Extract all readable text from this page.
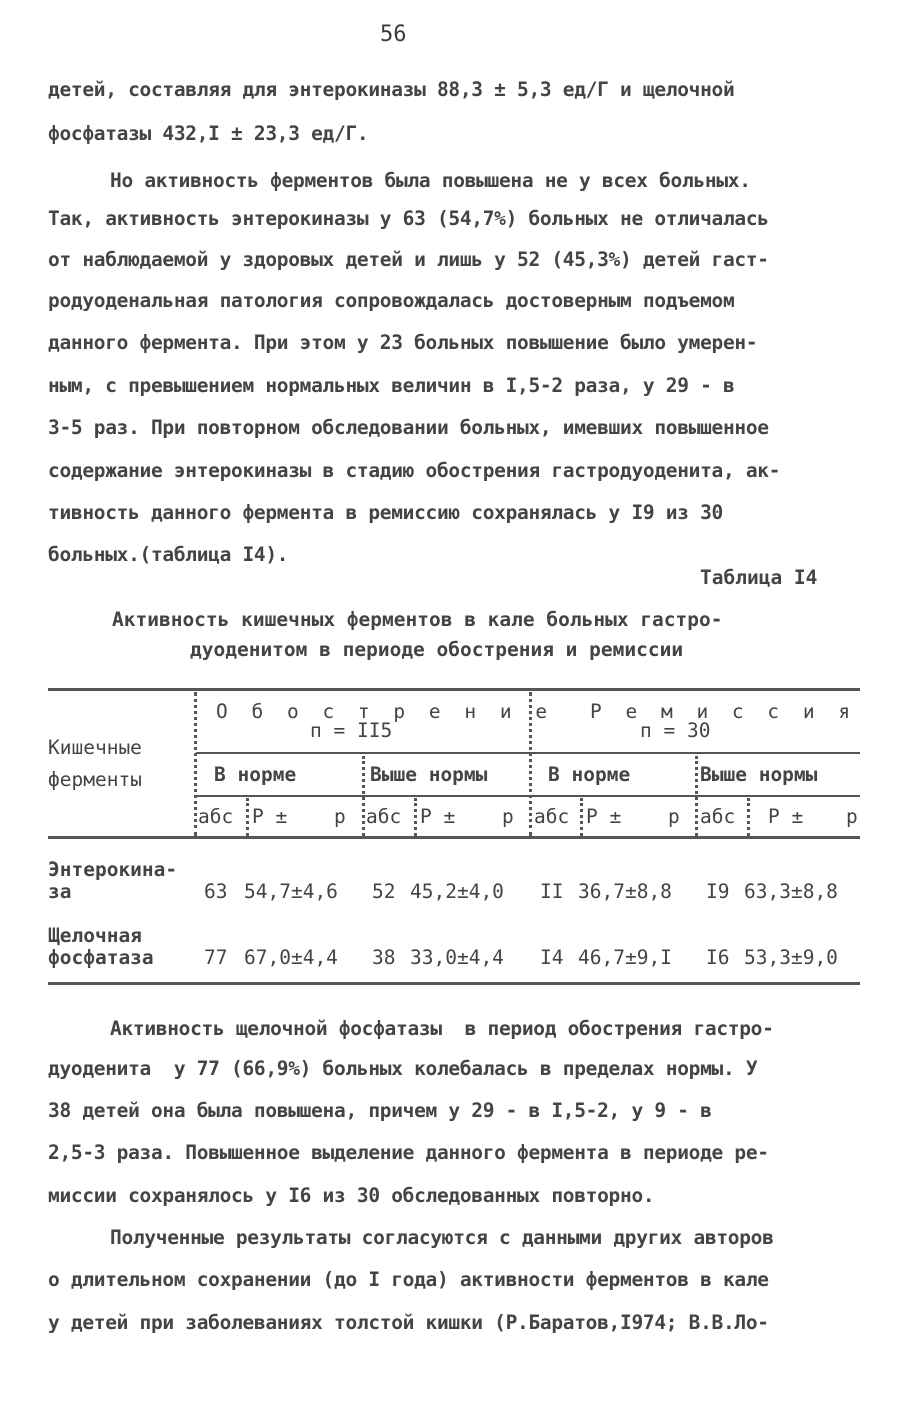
56
детей, составляя для энтерокиназы 88,3 ± 5,3 ед/Г и щелочной
фосфатазы 432,I ± 23,3 ед/Г.
Но активность ферментов была повышена не у всех больных.
Так, активность энтерокиназы у 63 (54,7%) больных не отличалась
от наблюдаемой у здоровых детей и лишь у 52 (45,3%) детей гаст-
родуоденальная патология сопровождалась достоверным подъемом
данного фермента. При этом у 23 больных повышение было умерен-
ным, с превышением нормальных величин в I,5-2 раза, у 29 - в
3-5 раз. При повторном обследовании больных, имевших повышенное
содержание энтерокиназы в стадию обострения гастродуоденита, ак-
тивность данного фермента в ремиссию сохранялась у I9 из 30
больных.(таблица I4).
Таблица I4
Активность кишечных ферментов в кале больных гастро-
дуоденитом в периоде обострения и ремиссии
Кишечные ферменты
О б о с т р е н и е
п = II5
Р е м и с с и я
п = 30
В норме	Выше нормы	В норме	Выше нормы
абс Р ± р абс Р ± р абс Р ± р абс Р ± р
Энтерокина-
за	63 54,7±4,6 52 45,2±4,0 II 36,7±8,8 I9 63,3±8,8
Щелочная
фосфатаза	77 67,0±4,4 38 33,0±4,4 I4 46,7±9,I I6 53,3±9,0
Активность щелочной фосфатазы  в период обострения гастро-
дуоденита  у 77 (66,9%) больных колебалась в пределах нормы. У
38 детей она была повышена, причем у 29 - в I,5-2, у 9 - в
2,5-3 раза. Повышенное выделение данного фермента в периоде ре-
миссии сохранялось у I6 из 30 обследованных повторно.
Полученные результаты согласуются с данными других авторов
о длительном сохранении (до I года) активности ферментов в кале
у детей при заболеваниях толстой кишки (Р.Баратов,I974; В.В.Ло-
